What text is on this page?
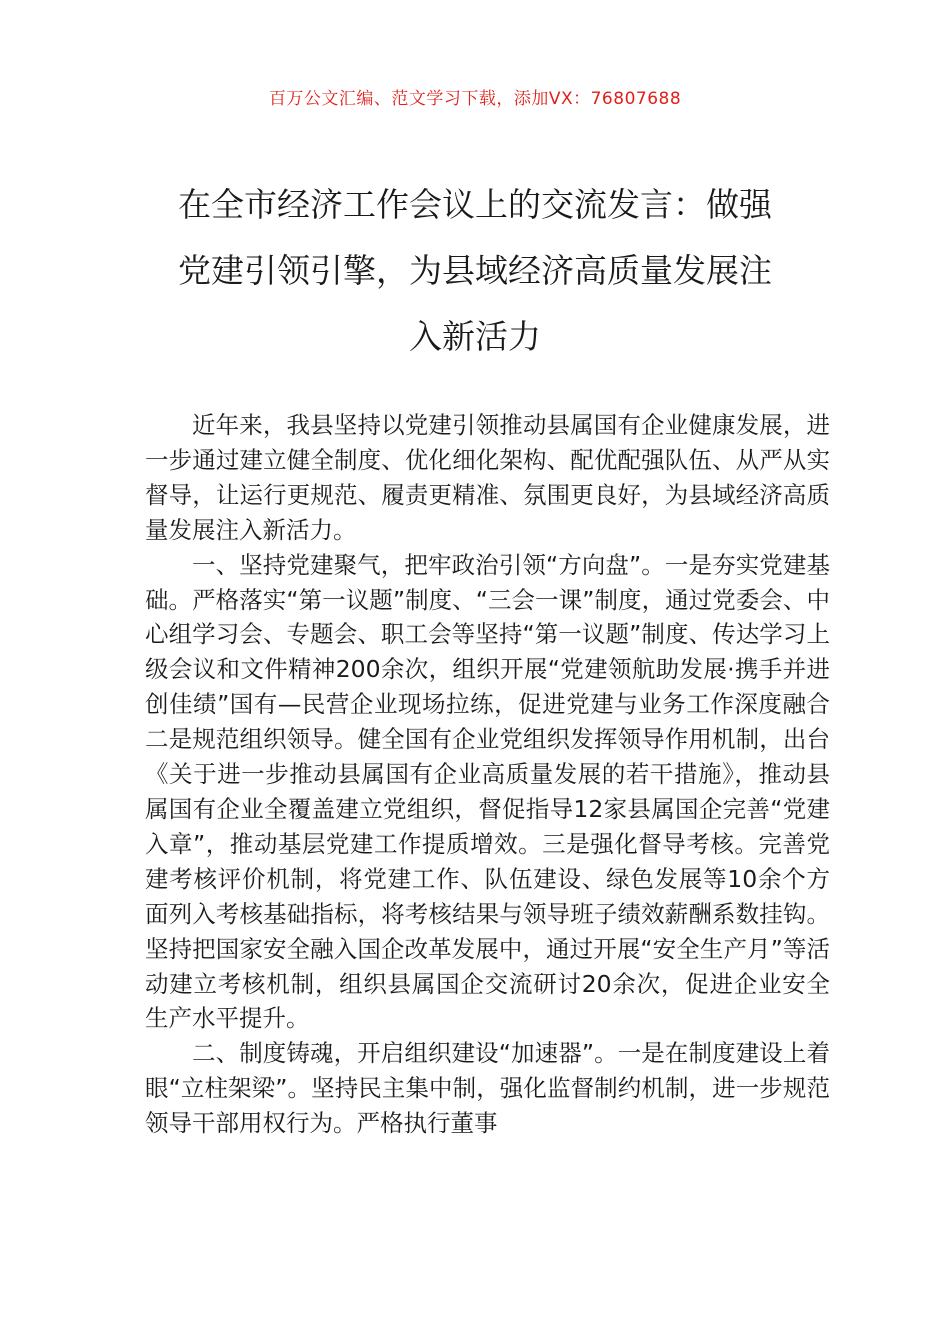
百万公文汇编、范文学习下载，添加VX：76807688
在全市经济工作会议上的交流发言：做强
党建引领引擎，为县域经济高质量发展注
入新活力

近年来，我县坚持以党建引领推动县属国有企业健康发展，进一步通过建立健全制度、优化细化架构、配优配强队伍、从严从实督导，让运行更规范、履责更精准、氛围更良好，为县域经济高质量发展注入新活力。

一、坚持党建聚气，把牢政治引领“方向盘”。一是夯实党建基础。严格落实“第一议题”制度、“三会一课”制度，通过党委会、中心组学习会、专题会、职工会等坚持“第一议题”制度、传达学习上级会议和文件精神200余次，组织开展“党建领航助发展·携手并进创佳绩”国有—民营企业现场拉练，促进党建与业务工作深度融合二是规范组织领导。健全国有企业党组织发挥领导作用机制，出台《关于进一步推动县属国有企业高质量发展的若干措施》，推动县属国有企业全覆盖建立党组织，督促指导12家县属国企完善“党建入章”，推动基层党建工作提质增效。三是强化督导考核。完善党建考核评价机制，将党建工作、队伍建设、绿色发展等10余个方面列入考核基础指标，将考核结果与领导班子绩效薪酬系数挂钩。坚持把国家安全融入国企改革发展中，通过开展“安全生产月”等活动建立考核机制，组织县属国企交流研讨20余次，促进企业安全生产水平提升。

二、制度铸魂，开启组织建设“加速器”。一是在制度建设上着眼“立柱架梁”。坚持民主集中制，强化监督制约机制，进一步规范领导干部用权行为。严格执行董事
